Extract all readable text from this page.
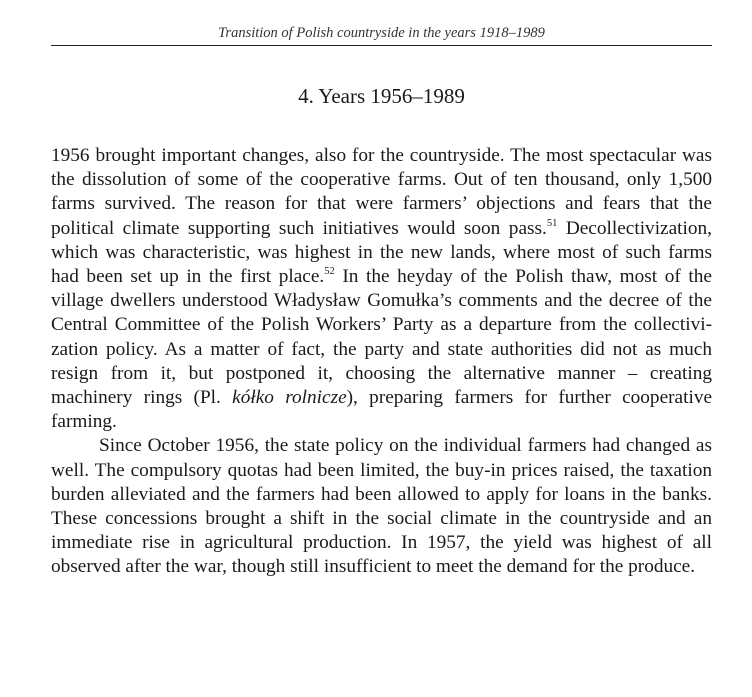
Transition of Polish countryside in the years 1918–1989
4. Years 1956–1989

1956 brought important changes, also for the countryside. The most spectacular was the dissolution of some of the cooperative farms. Out of ten thousand, only 1,500 farms survived. The reason for that were farmers’ objections and fears that the political climate supporting such initiatives would soon pass.$^{51}$ Decollectivization, which was characteristic, was highest in the new lands, where most of such farms had been set up in the first place.$^{52}$ In the heyday of the Polish thaw, most of the village dwellers understood Władysław Gomułka’s comments and the decree of the Central Committee of the Polish Workers’ Party as a departure from the collectivization policy. As a matter of fact, the party and state authorities did not as much resign from it, but postponed it, choosing the alternative manner – creating machinery rings (Pl. kółko rolnicze), preparing farmers for further cooperative farming.

Since October 1956, the state policy on the individual farmers had changed as well. The compulsory quotas had been limited, the buy-in prices raised, the taxation burden alleviated and the farmers had been allowed to apply for loans in the banks. These concessions brought a shift in the social climate in the countryside and an immediate rise in agricultural production. In 1957, the yield was highest of all observed after the war, though still insufficient to meet the demand for the produce.
